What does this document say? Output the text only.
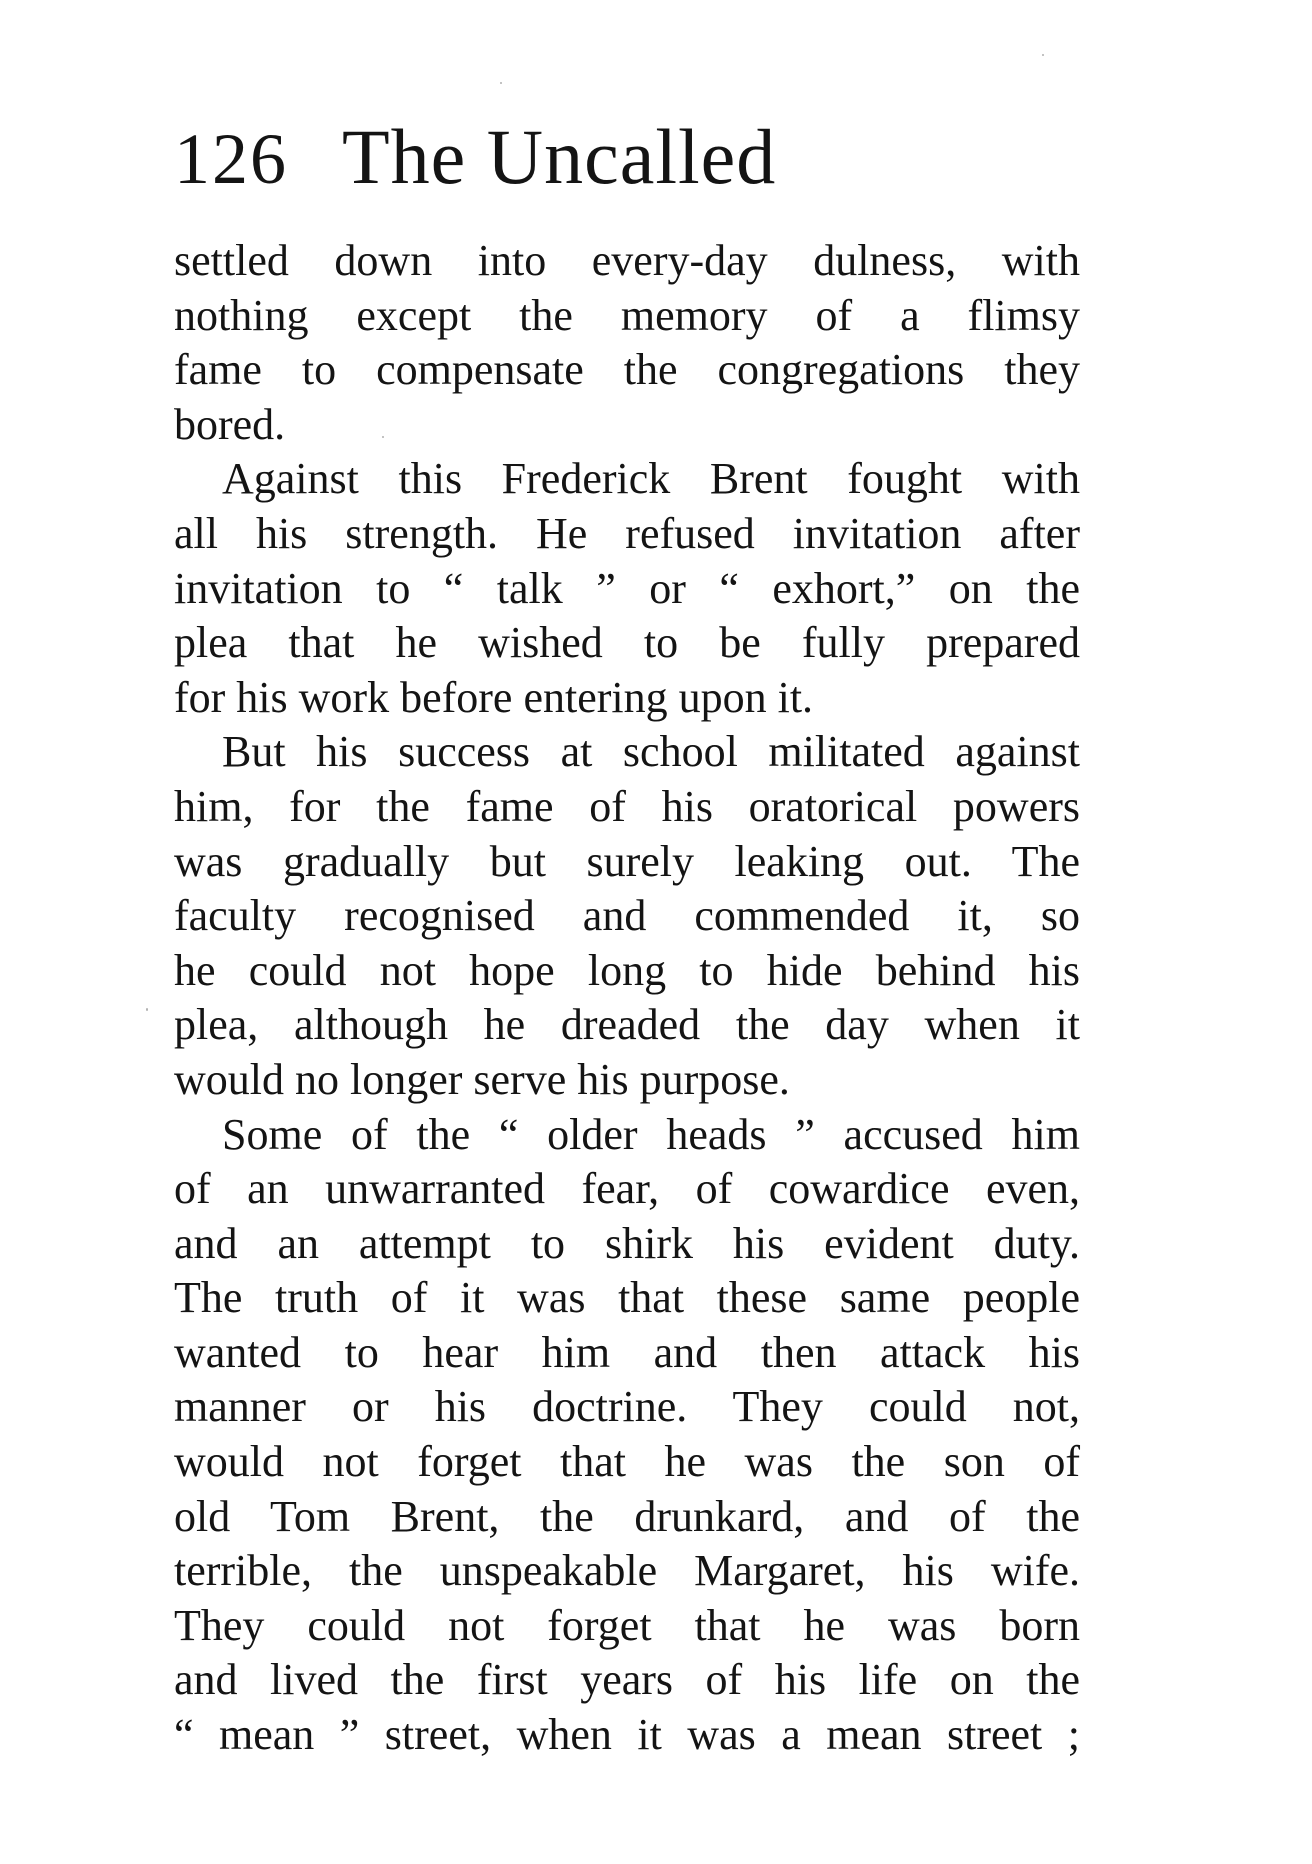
126 The Uncalled
settled down into every-day dulness, with
nothing except the memory of a flimsy
fame to compensate the congregations they
bored.
Against this Frederick Brent fought with
all his strength. He refused invitation after
invitation to “ talk ” or “ exhort,” on the
plea that he wished to be fully prepared
for his work before entering upon it.
But his success at school militated against
him, for the fame of his oratorical powers
was gradually but surely leaking out. The
faculty recognised and commended it, so
he could not hope long to hide behind his
plea, although he dreaded the day when it
would no longer serve his purpose.
Some of the “ older heads ” accused him
of an unwarranted fear, of cowardice even,
and an attempt to shirk his evident duty.
The truth of it was that these same people
wanted to hear him and then attack his
manner or his doctrine. They could not,
would not forget that he was the son of
old Tom Brent, the drunkard, and of the
terrible, the unspeakable Margaret, his wife.
They could not forget that he was born
and lived the first years of his life on the
“ mean ” street, when it was a mean street ;
